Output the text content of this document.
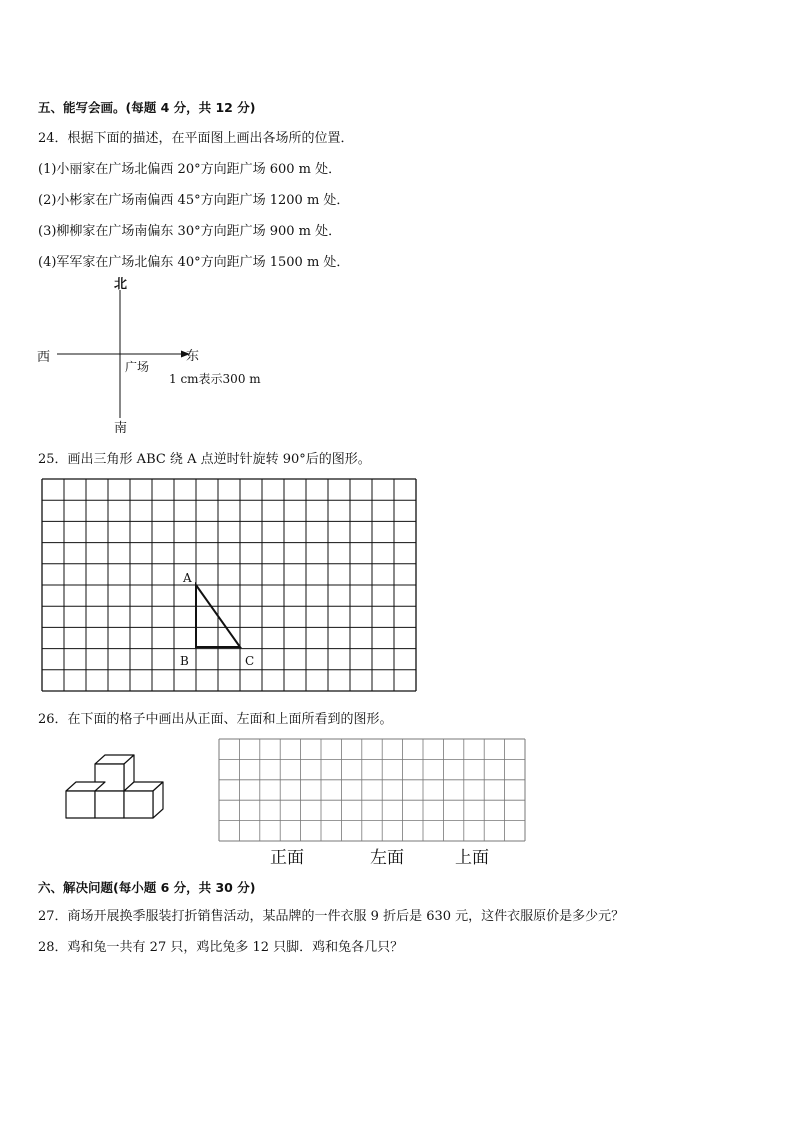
五、能写会画。(每题 4 分，共 12 分)
24．根据下面的描述，在平面图上画出各场所的位置．
(1)小丽家在广场北偏西 20°方向距广场 600 m 处．
(2)小彬家在广场南偏西 45°方向距广场 1200 m 处．
(3)柳柳家在广场南偏东 30°方向距广场 900 m 处．
(4)军军家在广场北偏东 40°方向距广场 1500 m 处．
北
南
西	东
广场
1 cm表示300 m
25．画出三角形 ABC 绕 A 点逆时针旋转 90°后的图形。
A
B	C
26．在下面的格子中画出从正面、左面和上面所看到的图形。
正面	左面	上面
六、解决问题(每小题 6 分，共 30 分)
27．商场开展换季服装打折销售活动，某品牌的一件衣服 9 折后是 630 元，这件衣服原价是多少元？
28．鸡和兔一共有 27 只，鸡比兔多 12 只脚．鸡和兔各几只？
